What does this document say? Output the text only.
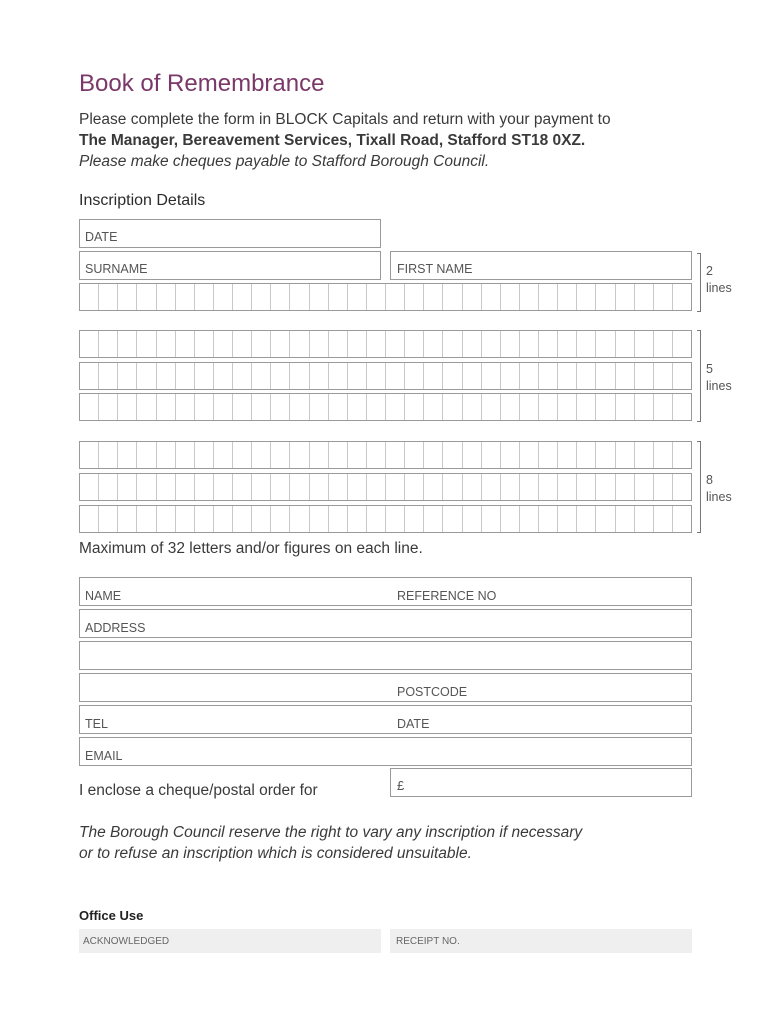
Book of Remembrance
Please complete the form in BLOCK Capitals and return with your payment to
The Manager, Bereavement Services, Tixall Road, Stafford ST18 0XZ.
Please make cheques payable to Stafford Borough Council.
Inscription Details
DATE
SURNAME	FIRST NAME	2
lines
5
lines
8
lines
Maximum of 32 letters and/or figures on each line.
NAME	REFERENCE NO
ADDRESS
POSTCODE
TEL	DATE
EMAIL
I enclose a cheque/postal order for	£
The Borough Council reserve the right to vary any inscription if necessary
or to refuse an inscription which is considered unsuitable.
Office Use
ACKNOWLEDGED	RECEIPT NO.
